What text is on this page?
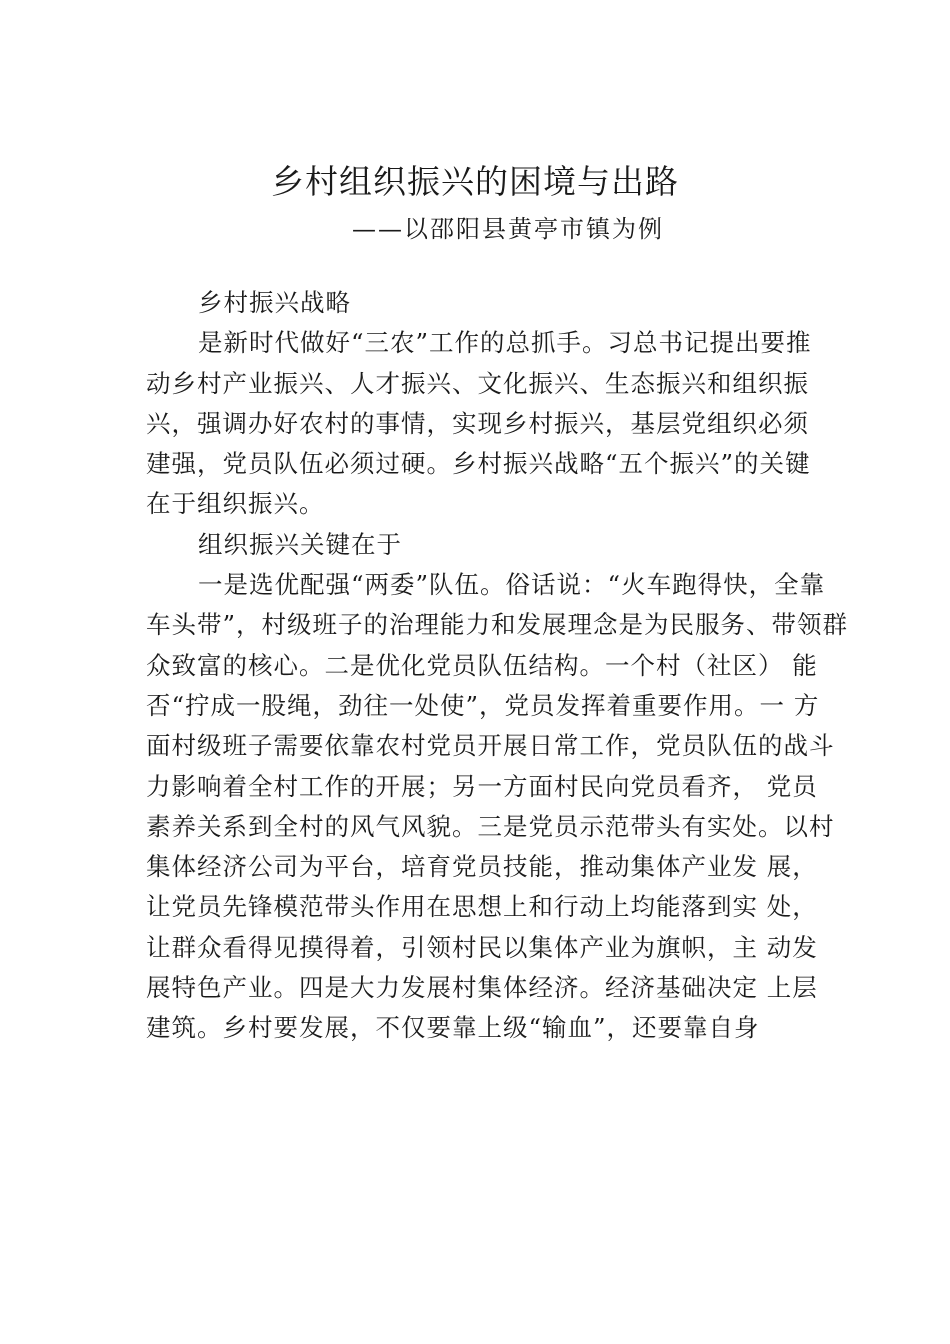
乡村组织振兴的困境与出路
——以邵阳县黄亭市镇为例
乡村振兴战略
是新时代做好“三农”工作的总抓手。习总书记提出要推
动乡村产业振兴、人才振兴、文化振兴、生态振兴和组织振
兴，强调办好农村的事情，实现乡村振兴，基层党组织必须
建强，党员队伍必须过硬。乡村振兴战略“五个振兴”的关键
在于组织振兴。
组织振兴关键在于
一是选优配强“两委”队伍。俗话说：“火车跑得快，全靠
车头带”，村级班子的治理能力和发展理念是为民服务、带领群
众致富的核心。二是优化党员队伍结构。一个村（社区） 能
否“拧成一股绳，劲往一处使”，党员发挥着重要作用。一 方
面村级班子需要依靠农村党员开展日常工作，党员队伍的战斗
力影响着全村工作的开展；另一方面村民向党员看齐， 党员
素养关系到全村的风气风貌。三是党员示范带头有实处。以村
集体经济公司为平台，培育党员技能，推动集体产业发 展，
让党员先锋模范带头作用在思想上和行动上均能落到实 处，
让群众看得见摸得着，引领村民以集体产业为旗帜，主 动发
展特色产业。四是大力发展村集体经济。经济基础决定 上层
建筑。乡村要发展，不仅要靠上级“输血”，还要靠自身
